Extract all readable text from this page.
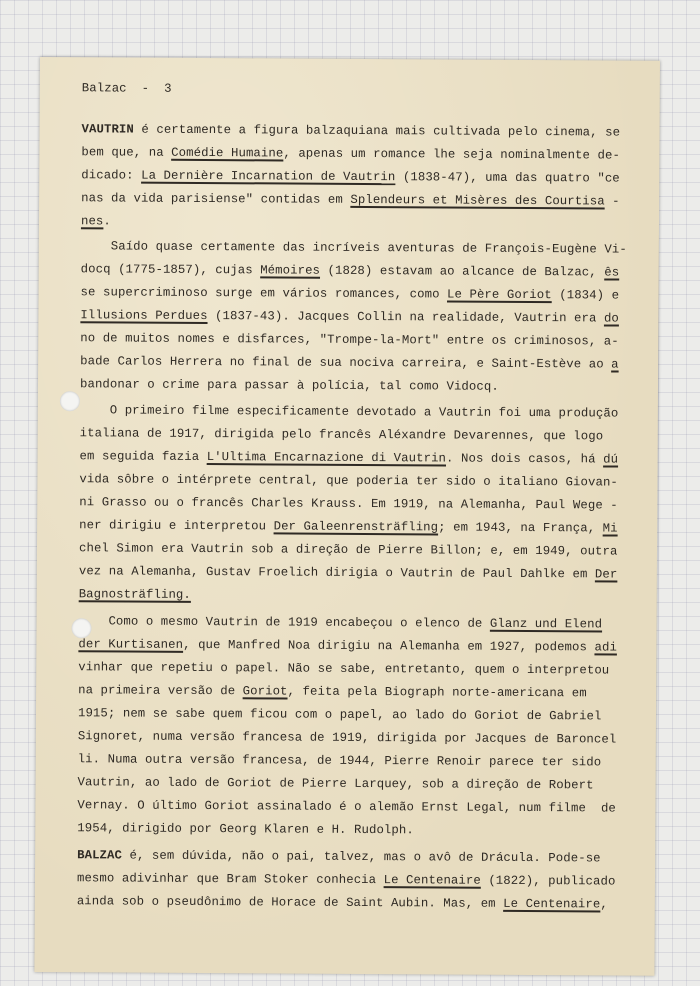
Balzac  -  3
VAUTRIN é certamente a figura balzaquiana mais cultivada pelo cinema, se
bem que, na Comédie Humaine, apenas um romance lhe seja nominalmente de-
dicado: La Dernière Incarnation de Vautrin (1838-47), uma das quatro "ce
nas da vida parisiense" contidas em Splendeurs et Misères des Courtisa -
nes.
Saído quase certamente das incríveis aventuras de François-Eugène Vi-
docq (1775-1857), cujas Mémoires (1828) estavam ao alcance de Balzac, ês
se supercriminoso surge em vários romances, como Le Père Goriot (1834) e
Illusions Perdues (1837-43). Jacques Collin na realidade, Vautrin era do
no de muitos nomes e disfarces, "Trompe-la-Mort" entre os criminosos, a-
bade Carlos Herrera no final de sua nociva carreira, e Saint-Estève ao a
bandonar o crime para passar à polícia, tal como Vidocq.
O primeiro filme especificamente devotado a Vautrin foi uma produção
italiana de 1917, dirigida pelo francês Aléxandre Devarennes, que logo
em seguida fazia L'Ultima Encarnazione di Vautrin. Nos dois casos, há dú
vida sôbre o intérprete central, que poderia ter sido o italiano Giovan-
ni Grasso ou o francês Charles Krauss. Em 1919, na Alemanha, Paul Wege -
ner dirigiu e interpretou Der Galeenrensträfling; em 1943, na França, Mi
chel Simon era Vautrin sob a direção de Pierre Billon; e, em 1949, outra
vez na Alemanha, Gustav Froelich dirigia o Vautrin de Paul Dahlke em Der
Bagnosträfling.
Como o mesmo Vautrin de 1919 encabeçou o elenco de Glanz und Elend
der Kurtisanen, que Manfred Noa dirigiu na Alemanha em 1927, podemos adi
vinhar que repetiu o papel. Não se sabe, entretanto, quem o interpretou
na primeira versão de Goriot, feita pela Biograph norte-americana em
1915; nem se sabe quem ficou com o papel, ao lado do Goriot de Gabriel
Signoret, numa versão francesa de 1919, dirigida por Jacques de Baroncel
li. Numa outra versão francesa, de 1944, Pierre Renoir parece ter sido
Vautrin, ao lado de Goriot de Pierre Larquey, sob a direção de Robert
Vernay. O último Goriot assinalado é o alemão Ernst Legal, num filme  de
1954, dirigido por Georg Klaren e H. Rudolph.
BALZAC é, sem dúvida, não o pai, talvez, mas o avô de Drácula. Pode-se
mesmo adivinhar que Bram Stoker conhecia Le Centenaire (1822), publicado
ainda sob o pseudônimo de Horace de Saint Aubin. Mas, em Le Centenaire,
